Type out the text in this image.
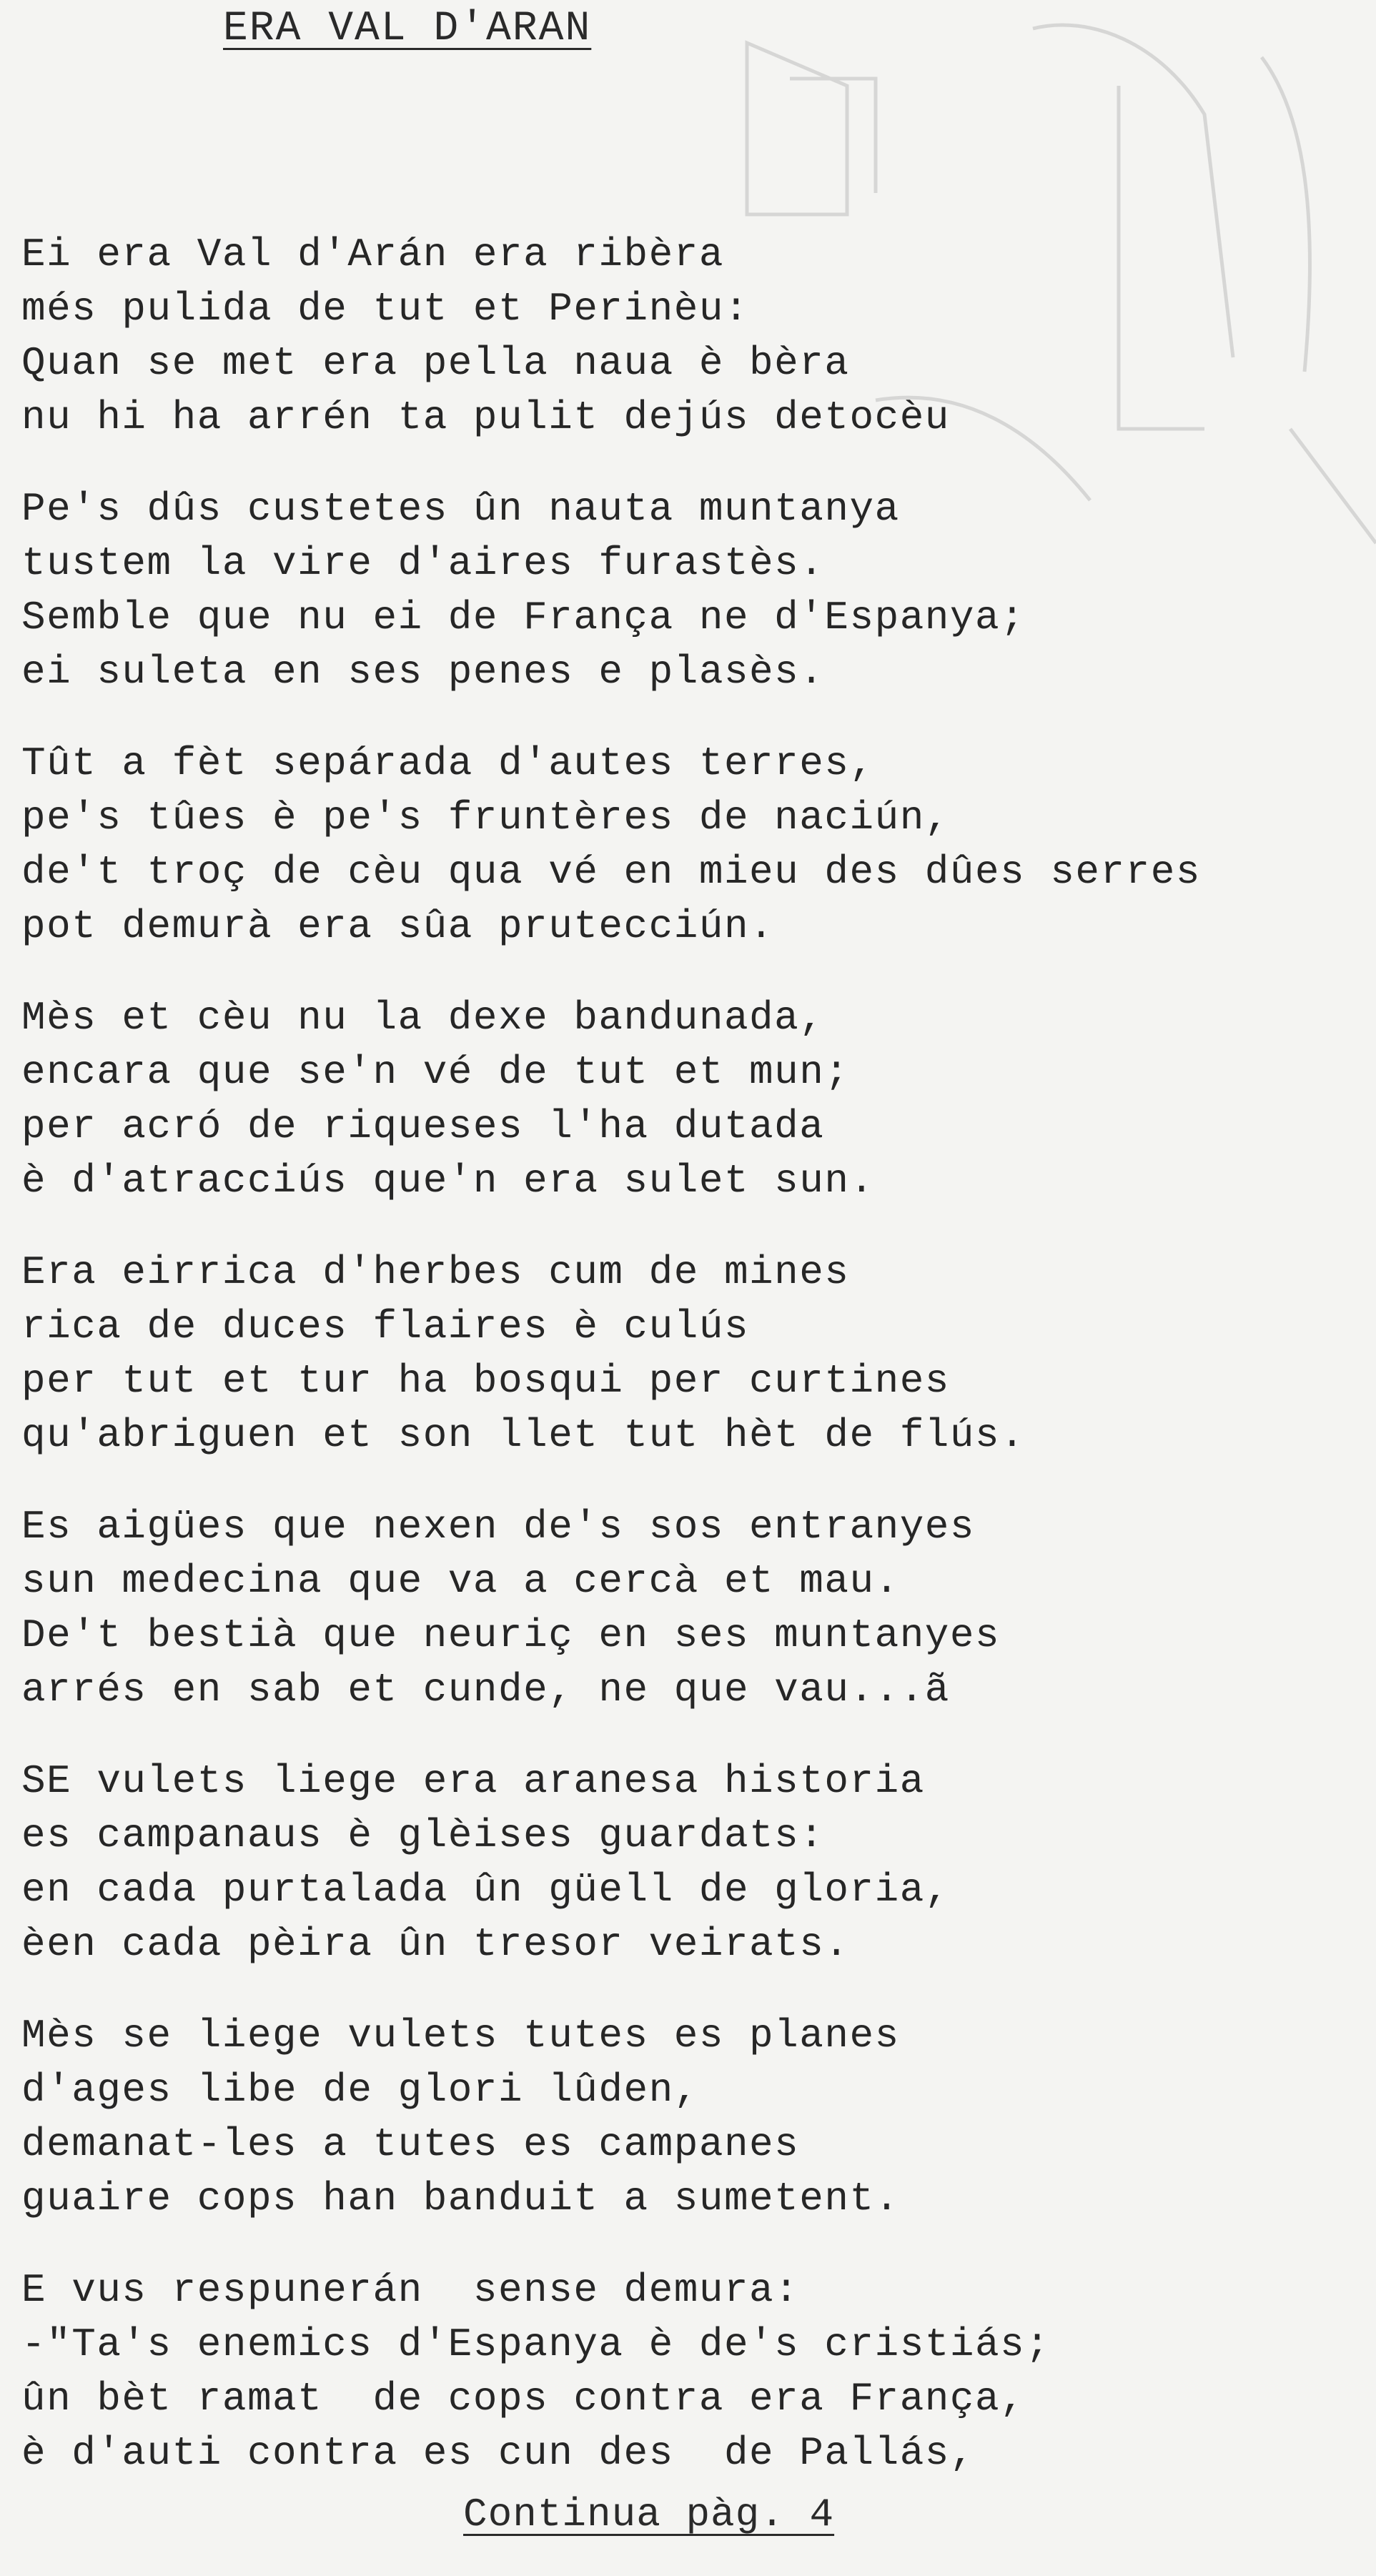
ERA VAL D'ARAN
Ei era Val d'Arán era ribèra
més pulida de tut et Perinèu:
Quan se met era pella naua è bèra
nu hi ha arrén ta pulit dejús detocèu
Pe's dûs custetes ûn nauta muntanya
tustem la vire d'aires furastès.
Semble que nu ei de França ne d'Espanya;
ei suleta en ses penes e plasès.
Tût a fèt sepárada d'autes terres,
pe's tûes è pe's fruntères de naciún,
de't troç de cèu qua vé en mieu des dûes serres
pot demurà era sûa prutecciún.
Mès et cèu nu la dexe bandunada,
encara que se'n vé de tut et mun;
per acró de riqueses l'ha dutada
è d'atracciús que'n era sulet sun.
Era eirrica d'herbes cum de mines
rica de duces flaires è culús
per tut et tur ha bosqui per curtines
qu'abriguen et son llet tut hèt de flús.
Es aigües que nexen de's sos entranyes
sun medecina que va a cercà et mau.
De't bestià que neuriç en ses muntanyes
arrés en sab et cunde, ne que vau...ã
SE vulets liege era aranesa historia
es campanaus è glèises guardats:
en cada purtalada ûn güell de gloria,
èen cada pèira ûn tresor veirats.
Mès se liege vulets tutes es planes
d'ages libe de glori lûden,
demanat-les a tutes es campanes
guaire cops han banduit a sumetent.
E vus respunerán  sense demura:
-"Ta's enemics d'Espanya è de's cristiás;
ûn bèt ramat  de cops contra era França,
è d'auti contra es cun des  de Pallás,
Continua pàg. 4
